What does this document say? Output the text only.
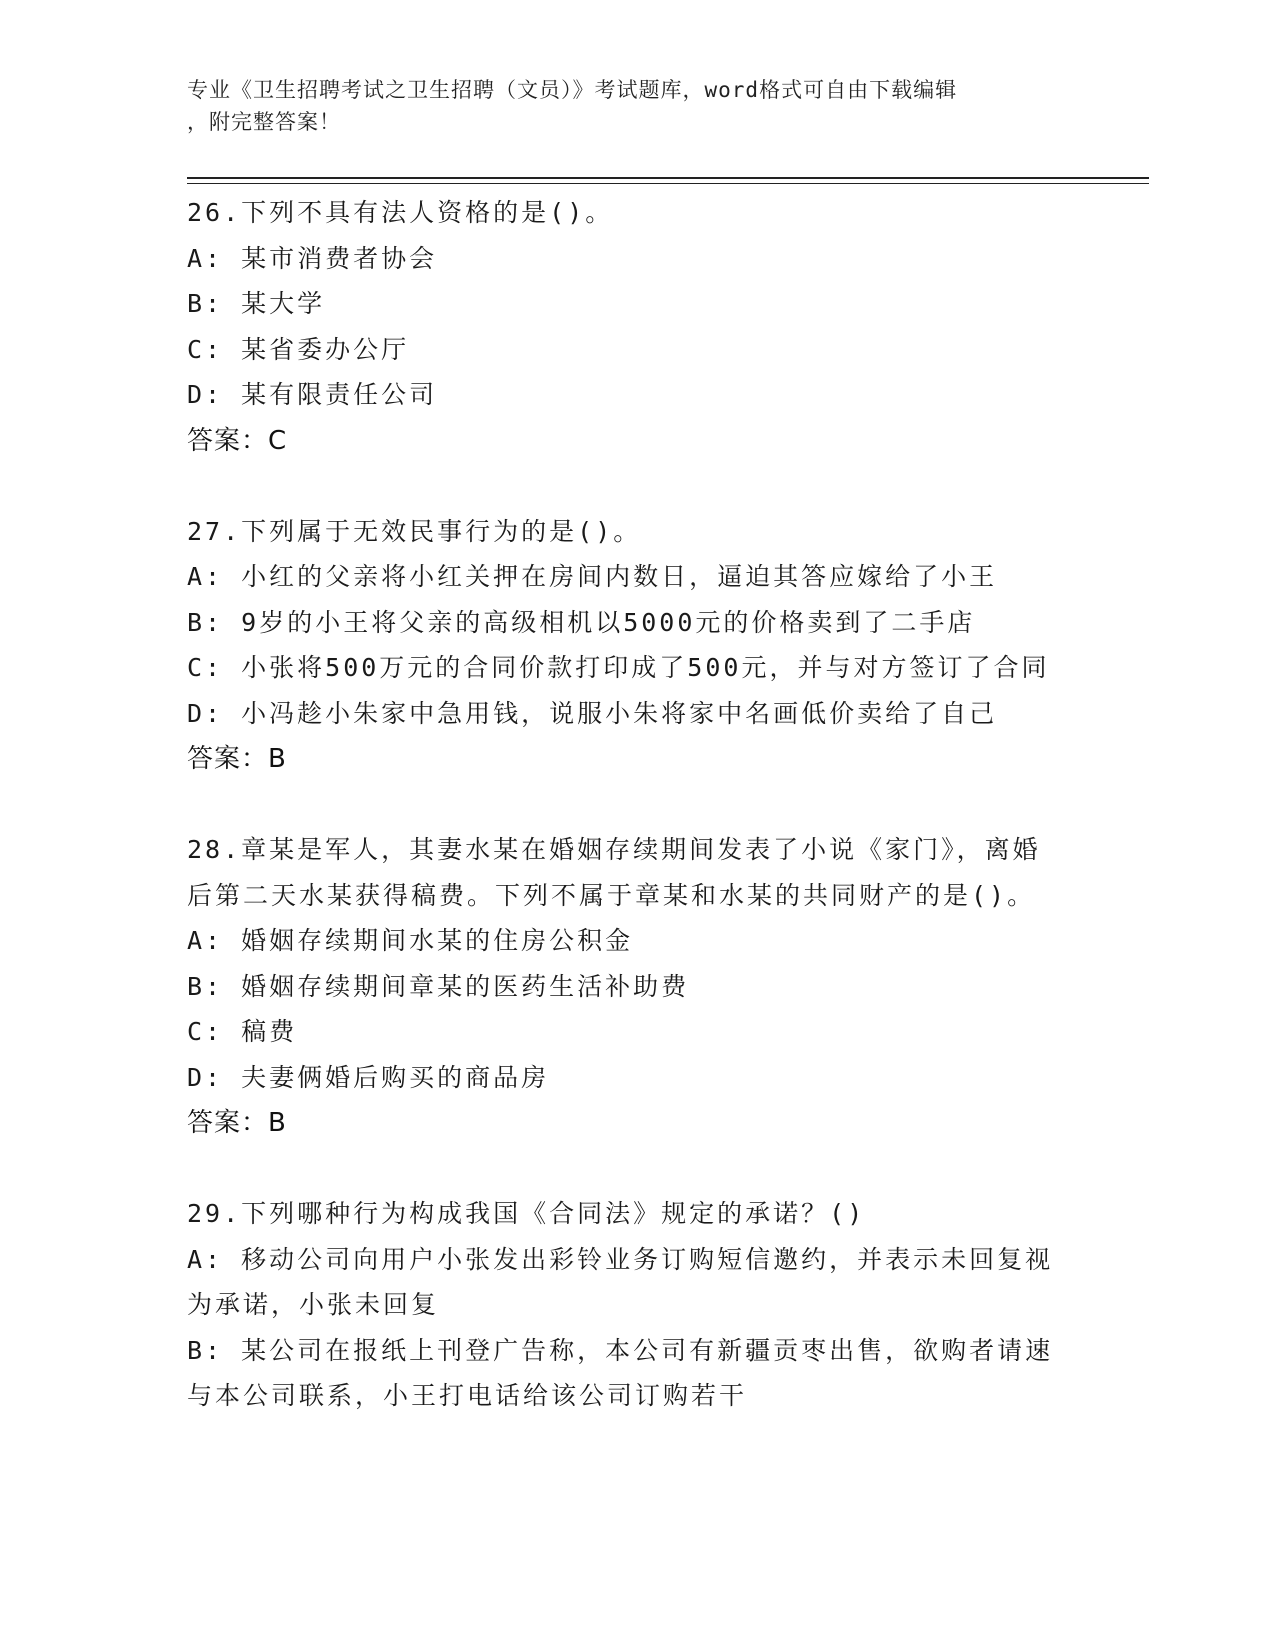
专业《卫生招聘考试之卫生招聘（文员）》考试题库，word格式可自由下载编辑
，附完整答案！
26.下列不具有法人资格的是()。
A: 某市消费者协会
B: 某大学
C: 某省委办公厅
D: 某有限责任公司
答案：C
27.下列属于无效民事行为的是()。
A: 小红的父亲将小红关押在房间内数日，逼迫其答应嫁给了小王
B: 9岁的小王将父亲的高级相机以5000元的价格卖到了二手店
C: 小张将500万元的合同价款打印成了500元，并与对方签订了合同
D: 小冯趁小朱家中急用钱，说服小朱将家中名画低价卖给了自己
答案：B
28.章某是军人，其妻水某在婚姻存续期间发表了小说《家门》，离婚
后第二天水某获得稿费。下列不属于章某和水某的共同财产的是()。
A: 婚姻存续期间水某的住房公积金
B: 婚姻存续期间章某的医药生活补助费
C: 稿费
D: 夫妻俩婚后购买的商品房
答案：B
29.下列哪种行为构成我国《合同法》规定的承诺？()
A: 移动公司向用户小张发出彩铃业务订购短信邀约，并表示未回复视
为承诺，小张未回复
B: 某公司在报纸上刊登广告称，本公司有新疆贡枣出售，欲购者请速
与本公司联系，小王打电话给该公司订购若干
